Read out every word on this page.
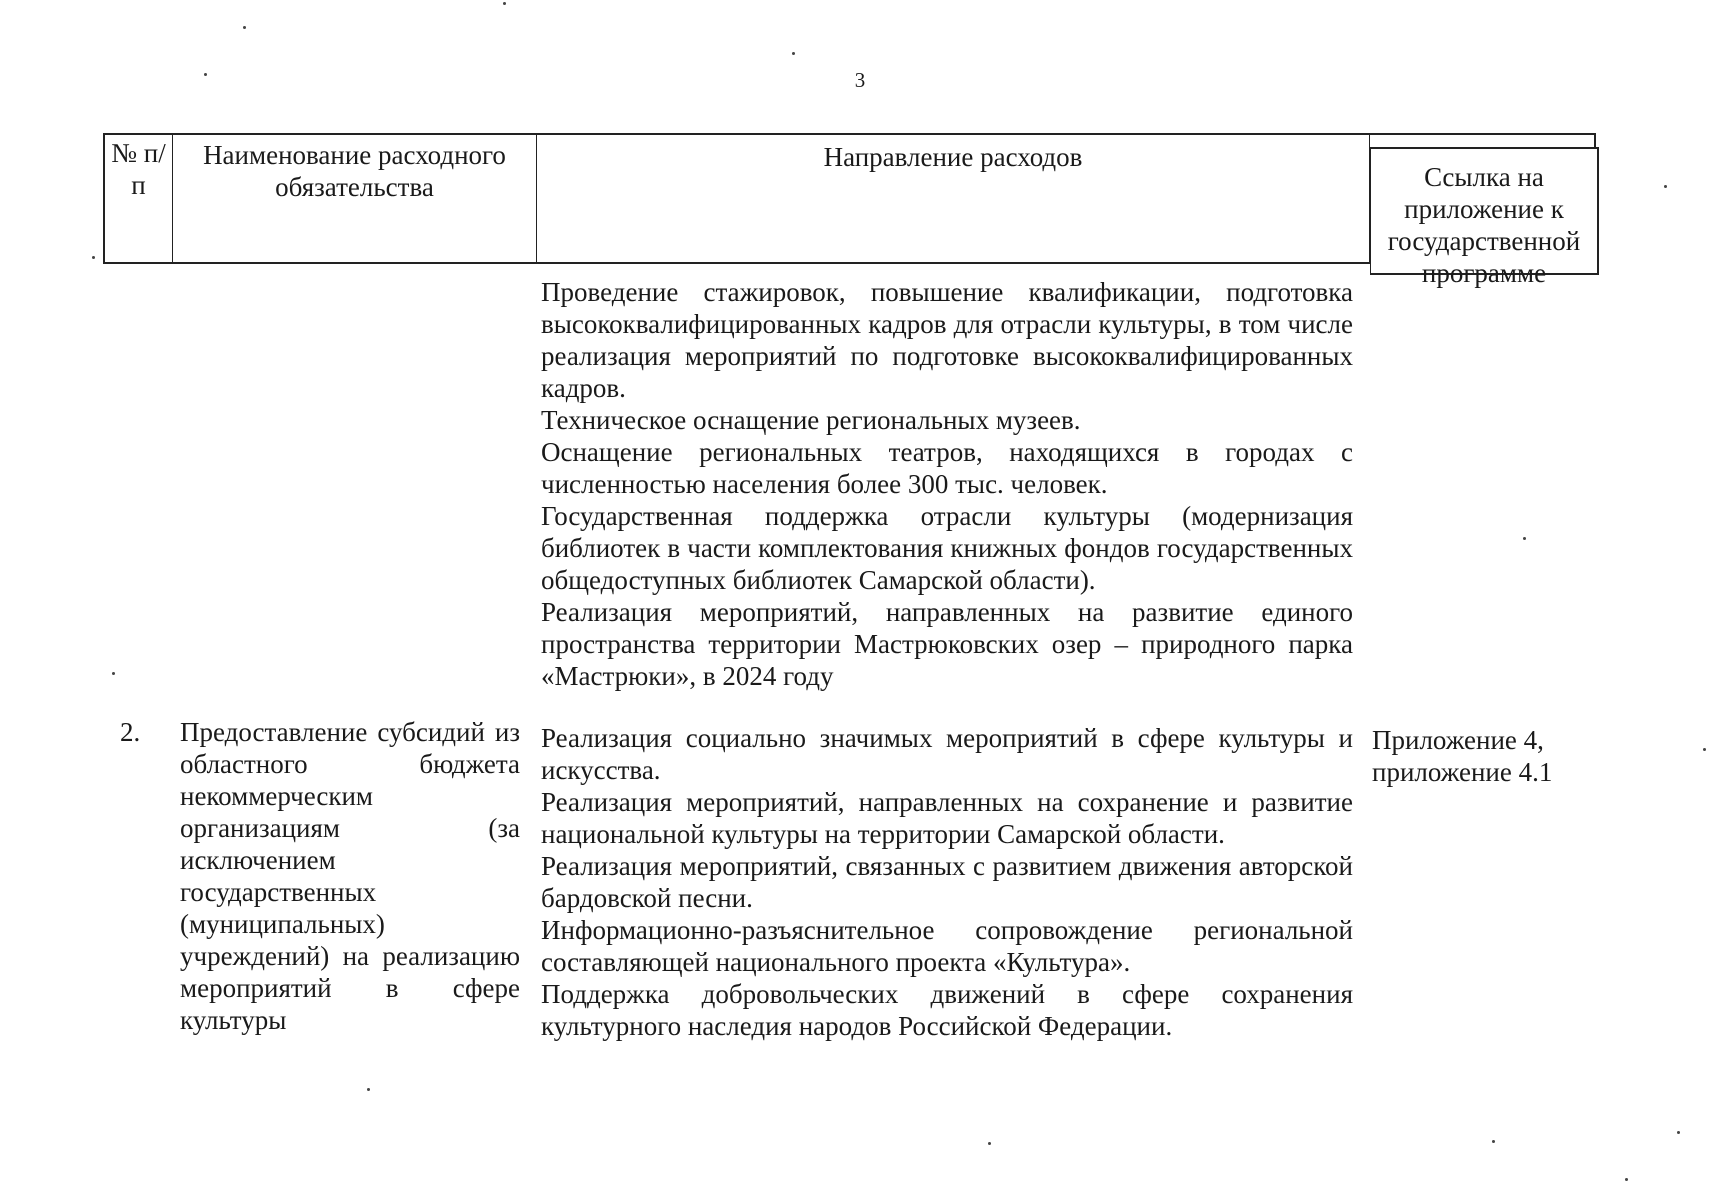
3
№ п/п
Наименование расходного обязательства
Направление расходов
Ссылка на приложение к государственной программе

Проведение стажировок, повышение квалификации, подготовка высококвалифицированных кадров для отрасли культуры, в том числе реализация мероприятий по подготовке высококвалифицированных кадров.

Техническое оснащение региональных музеев.

Оснащение региональных театров, находящихся в городах с численностью населения более 300 тыс. человек.

Государственная поддержка отрасли культуры (модернизация библиотек в части комплектования книжных фондов государственных общедоступных библиотек Самарской области).

Реализация мероприятий, направленных на развитие единого пространства территории Мастрюковских озер – природного парка «Мастрюки», в 2024 году

2.	Предоставление субсидий из областного бюджета некоммерческим организациям (за исключением государственных (муниципальных) учреждений) на реализацию мероприятий в сфере культуры

Реализация социально значимых мероприятий в сфере культуры и искусства.

Реализация мероприятий, направленных на сохранение и развитие национальной культуры на территории Самарской области.

Реализация мероприятий, связанных с развитием движения авторской бардовской песни.

Информационно-разъяснительное сопровождение региональной составляющей национального проекта «Культура».

Поддержка добровольческих движений в сфере сохранения культурного наследия народов Российской Федерации.

Приложение 4, приложение 4.1
